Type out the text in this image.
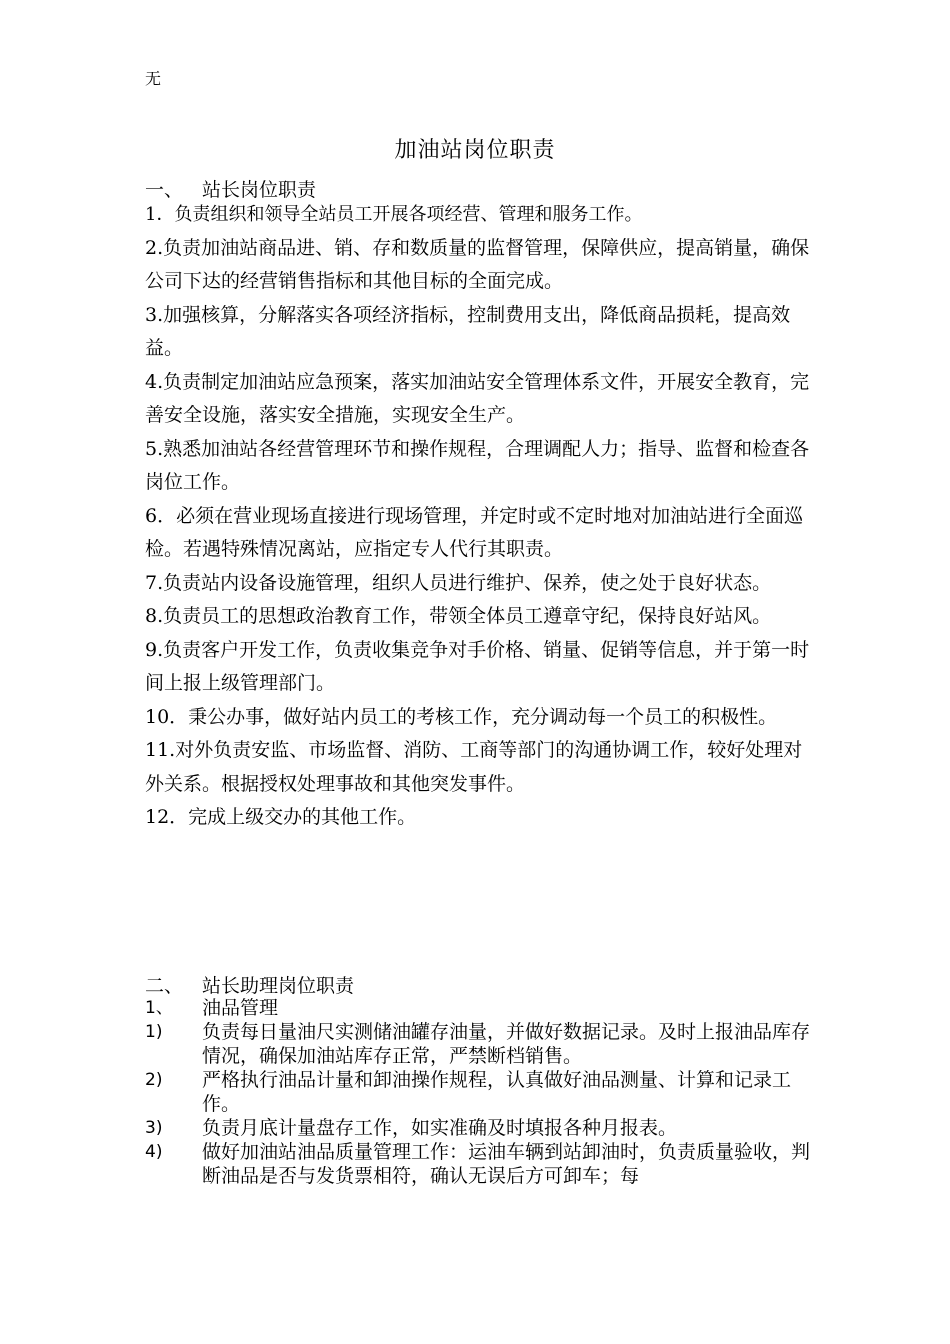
无
加油站岗位职责
一、 站长岗位职责
1．负责组织和领导全站员工开展各项经营、管理和服务工作。
2.负责加油站商品进、销、存和数质量的监督管理，保障供应，提高销量，确保公司下达的经营销售指标和其他目标的全面完成。
3.加强核算，分解落实各项经济指标，控制费用支出，降低商品损耗，提高效益。
4.负责制定加油站应急预案，落实加油站安全管理体系文件，开展安全教育，完善安全设施，落实安全措施，实现安全生产。
5.熟悉加油站各经营管理环节和操作规程，合理调配人力；指导、监督和检查各岗位工作。
6．必须在营业现场直接进行现场管理，并定时或不定时地对加油站进行全面巡检。若遇特殊情况离站，应指定专人代行其职责。
7.负责站内设备设施管理，组织人员进行维护、保养，使之处于良好状态。
8.负责员工的思想政治教育工作，带领全体员工遵章守纪，保持良好站风。
9.负责客户开发工作，负责收集竞争对手价格、销量、促销等信息，并于第一时间上报上级管理部门。
10．秉公办事，做好站内员工的考核工作，充分调动每一个员工的积极性。
11.对外负责安监、市场监督、消防、工商等部门的沟通协调工作，较好处理对外关系。根据授权处理事故和其他突发事件。
12．完成上级交办的其他工作。
二、 站长助理岗位职责
1、	油品管理
1)	负责每日量油尺实测储油罐存油量，并做好数据记录。及时上报油品库存情况，确保加油站库存正常，严禁断档销售。
2)	严格执行油品计量和卸油操作规程，认真做好油品测量、计算和记录工作。
3)	负责月底计量盘存工作，如实准确及时填报各种月报表。
4)	做好加油站油品质量管理工作：运油车辆到站卸油时，负责质量验收，判断油品是否与发货票相符，确认无误后方可卸车；每
